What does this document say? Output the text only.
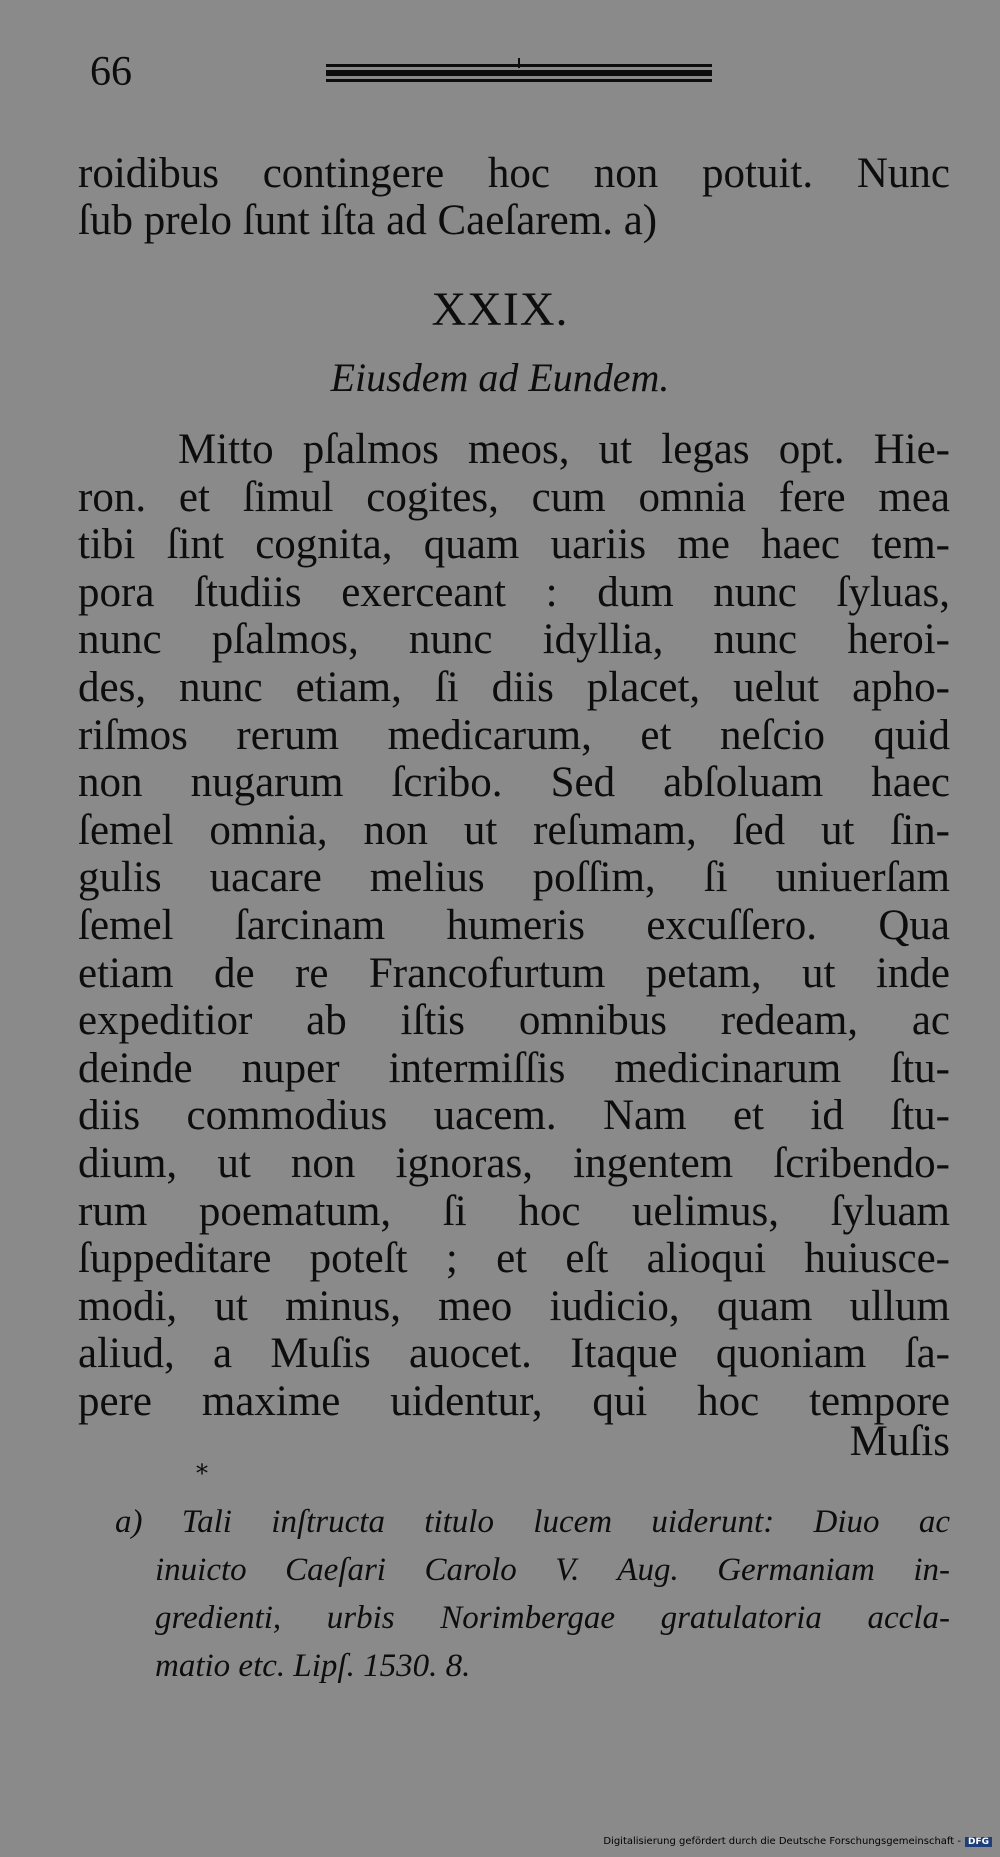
66
roidibus contingere hoc non potuit. Nunc
ſub prelo ſunt iſta ad Caeſarem. a)
XXIX.
Eiusdem ad Eundem.
Mitto pſalmos meos, ut legas opt. Hie-
ron. et ſimul cogites, cum omnia fere mea
tibi ſint cognita, quam uariis me haec tem-
pora ſtudiis exerceant : dum nunc ſyluas,
nunc pſalmos, nunc idyllia, nunc heroi-
des, nunc etiam, ſi diis placet, uelut apho-
riſmos rerum medicarum, et neſcio quid
non nugarum ſcribo. Sed abſoluam haec
ſemel omnia, non ut reſumam, ſed ut ſin-
gulis uacare melius poſſim, ſi uniuerſam
ſemel ſarcinam humeris excuſſero. Qua
etiam de re Francofurtum petam, ut inde
expeditior ab iſtis omnibus redeam, ac
deinde nuper intermiſſis medicinarum ſtu-
diis commodius uacem. Nam et id ſtu-
dium, ut non ignoras, ingentem ſcribendo-
rum poematum, ſi hoc uelimus, ſyluam
ſuppeditare poteſt ; et eſt alioqui huiusce-
modi, ut minus, meo iudicio, quam ullum
aliud, a Muſis auocet. Itaque quoniam ſa-
pere maxime uidentur, qui hoc tempore
Muſis
⁎
a) Tali inſtructa titulo lucem uiderunt: Diuo ac
inuicto Caeſari Carolo V. Aug. Germaniam in-
gredienti, urbis Norimbergae gratulatoria accla-
matio etc. Lipſ. 1530. 8.
Digitalisierung gefördert durch die Deutsche Forschungsgemeinschaft - DFG
